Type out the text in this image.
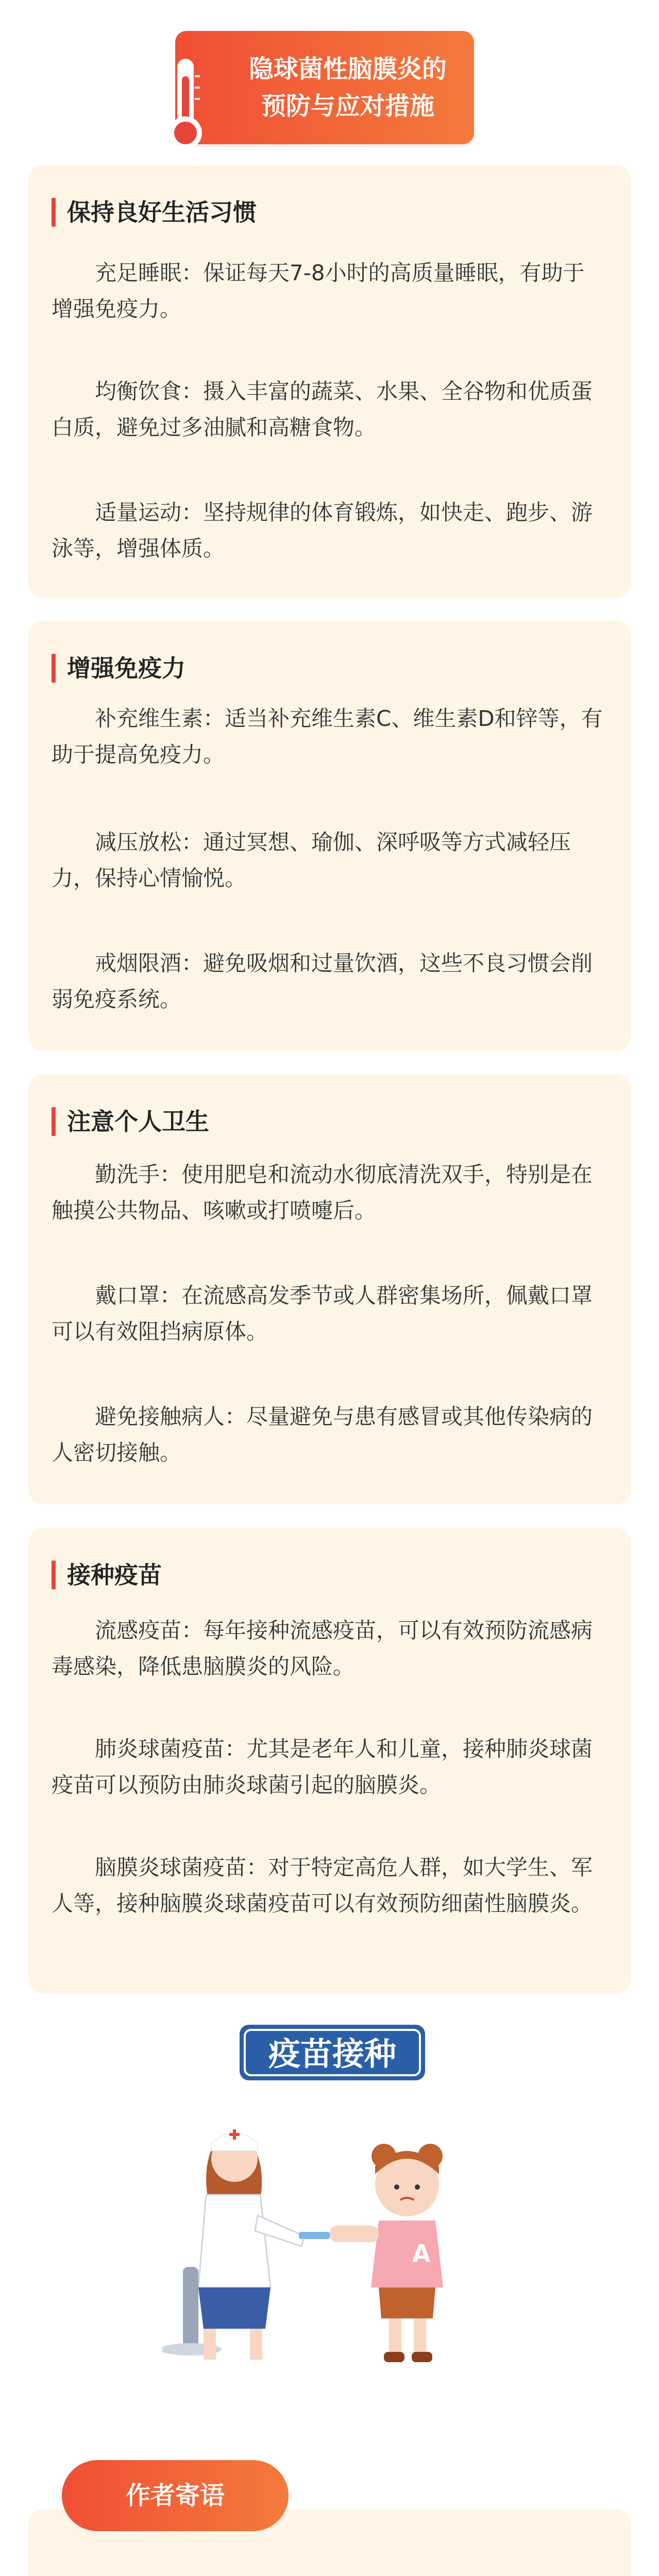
隐球菌性脑膜炎的
预防与应对措施
保持良好生活习惯

充足睡眠：保证每天7-8小时的高质量睡眠，有助于增强免疫力。

均衡饮食：摄入丰富的蔬菜、水果、全谷物和优质蛋白质，避免过多油腻和高糖食物。

适量运动：坚持规律的体育锻炼，如快走、跑步、游泳等，增强体质。

增强免疫力

补充维生素：适当补充维生素C、维生素D和锌等，有助于提高免疫力。

减压放松：通过冥想、瑜伽、深呼吸等方式减轻压力，保持心情愉悦。

戒烟限酒：避免吸烟和过量饮酒，这些不良习惯会削弱免疫系统。

注意个人卫生

勤洗手：使用肥皂和流动水彻底清洗双手，特别是在触摸公共物品、咳嗽或打喷嚏后。

戴口罩：在流感高发季节或人群密集场所，佩戴口罩可以有效阻挡病原体。

避免接触病人：尽量避免与患有感冒或其他传染病的人密切接触。

接种疫苗

流感疫苗：每年接种流感疫苗，可以有效预防流感病毒感染，降低患脑膜炎的风险。

肺炎球菌疫苗：尤其是老年人和儿童，接种肺炎球菌疫苗可以预防由肺炎球菌引起的脑膜炎。

脑膜炎球菌疫苗：对于特定高危人群，如大学生、军人等，接种脑膜炎球菌疫苗可以有效预防细菌性脑膜炎。

疫苗接种
A
作者寄语
